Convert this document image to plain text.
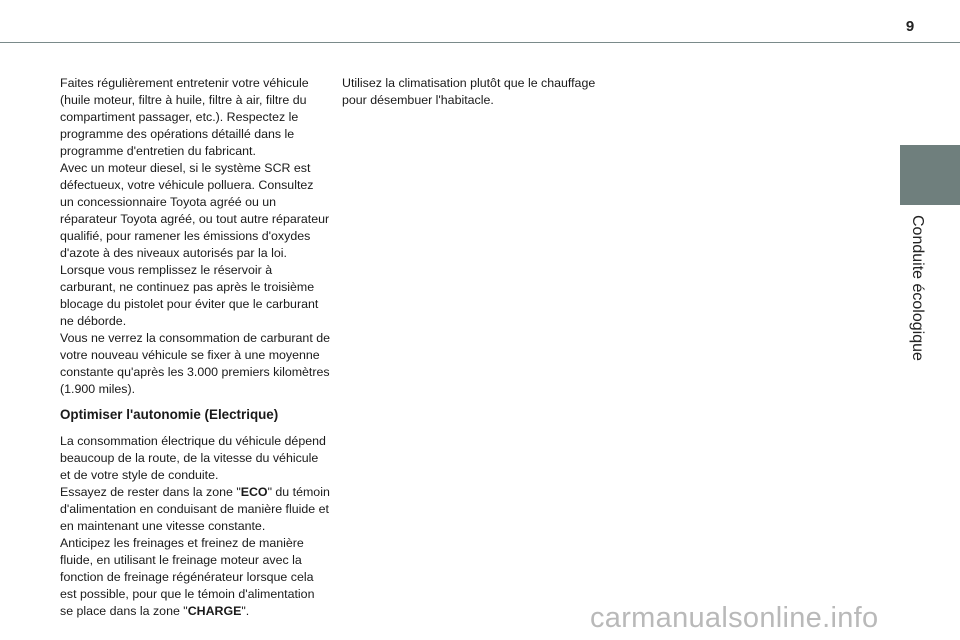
9
Conduite écologique

Faites régulièrement entretenir votre véhicule (huile moteur, filtre à huile, filtre à air, filtre du compartiment passager, etc.). Respectez le programme des opérations détaillé dans le programme d'entretien du fabricant.

Avec un moteur diesel, si le système SCR est défectueux, votre véhicule polluera. Consultez un concessionnaire Toyota agréé ou un réparateur Toyota agréé, ou tout autre réparateur qualifié, pour ramener les émissions d'oxydes d'azote à des niveaux autorisés par la loi.

Lorsque vous remplissez le réservoir à carburant, ne continuez pas après le troisième blocage du pistolet pour éviter que le carburant ne déborde.

Vous ne verrez la consommation de carburant de votre nouveau véhicule se fixer à une moyenne constante qu'après les 3.000 premiers kilomètres (1.900 miles).

Optimiser l'autonomie (Electrique)

La consommation électrique du véhicule dépend beaucoup de la route, de la vitesse du véhicule et de votre style de conduite.

Essayez de rester dans la zone "ECO" du témoin d'alimentation en conduisant de manière fluide et en maintenant une vitesse constante.

Anticipez les freinages et freinez de manière fluide, en utilisant le freinage moteur avec la fonction de freinage régénérateur lorsque cela est possible, pour que le témoin d'alimentation se place dans la zone "CHARGE".

Utilisez la climatisation plutôt que le chauffage pour désembuer l'habitacle.

carmanualsonline.info
